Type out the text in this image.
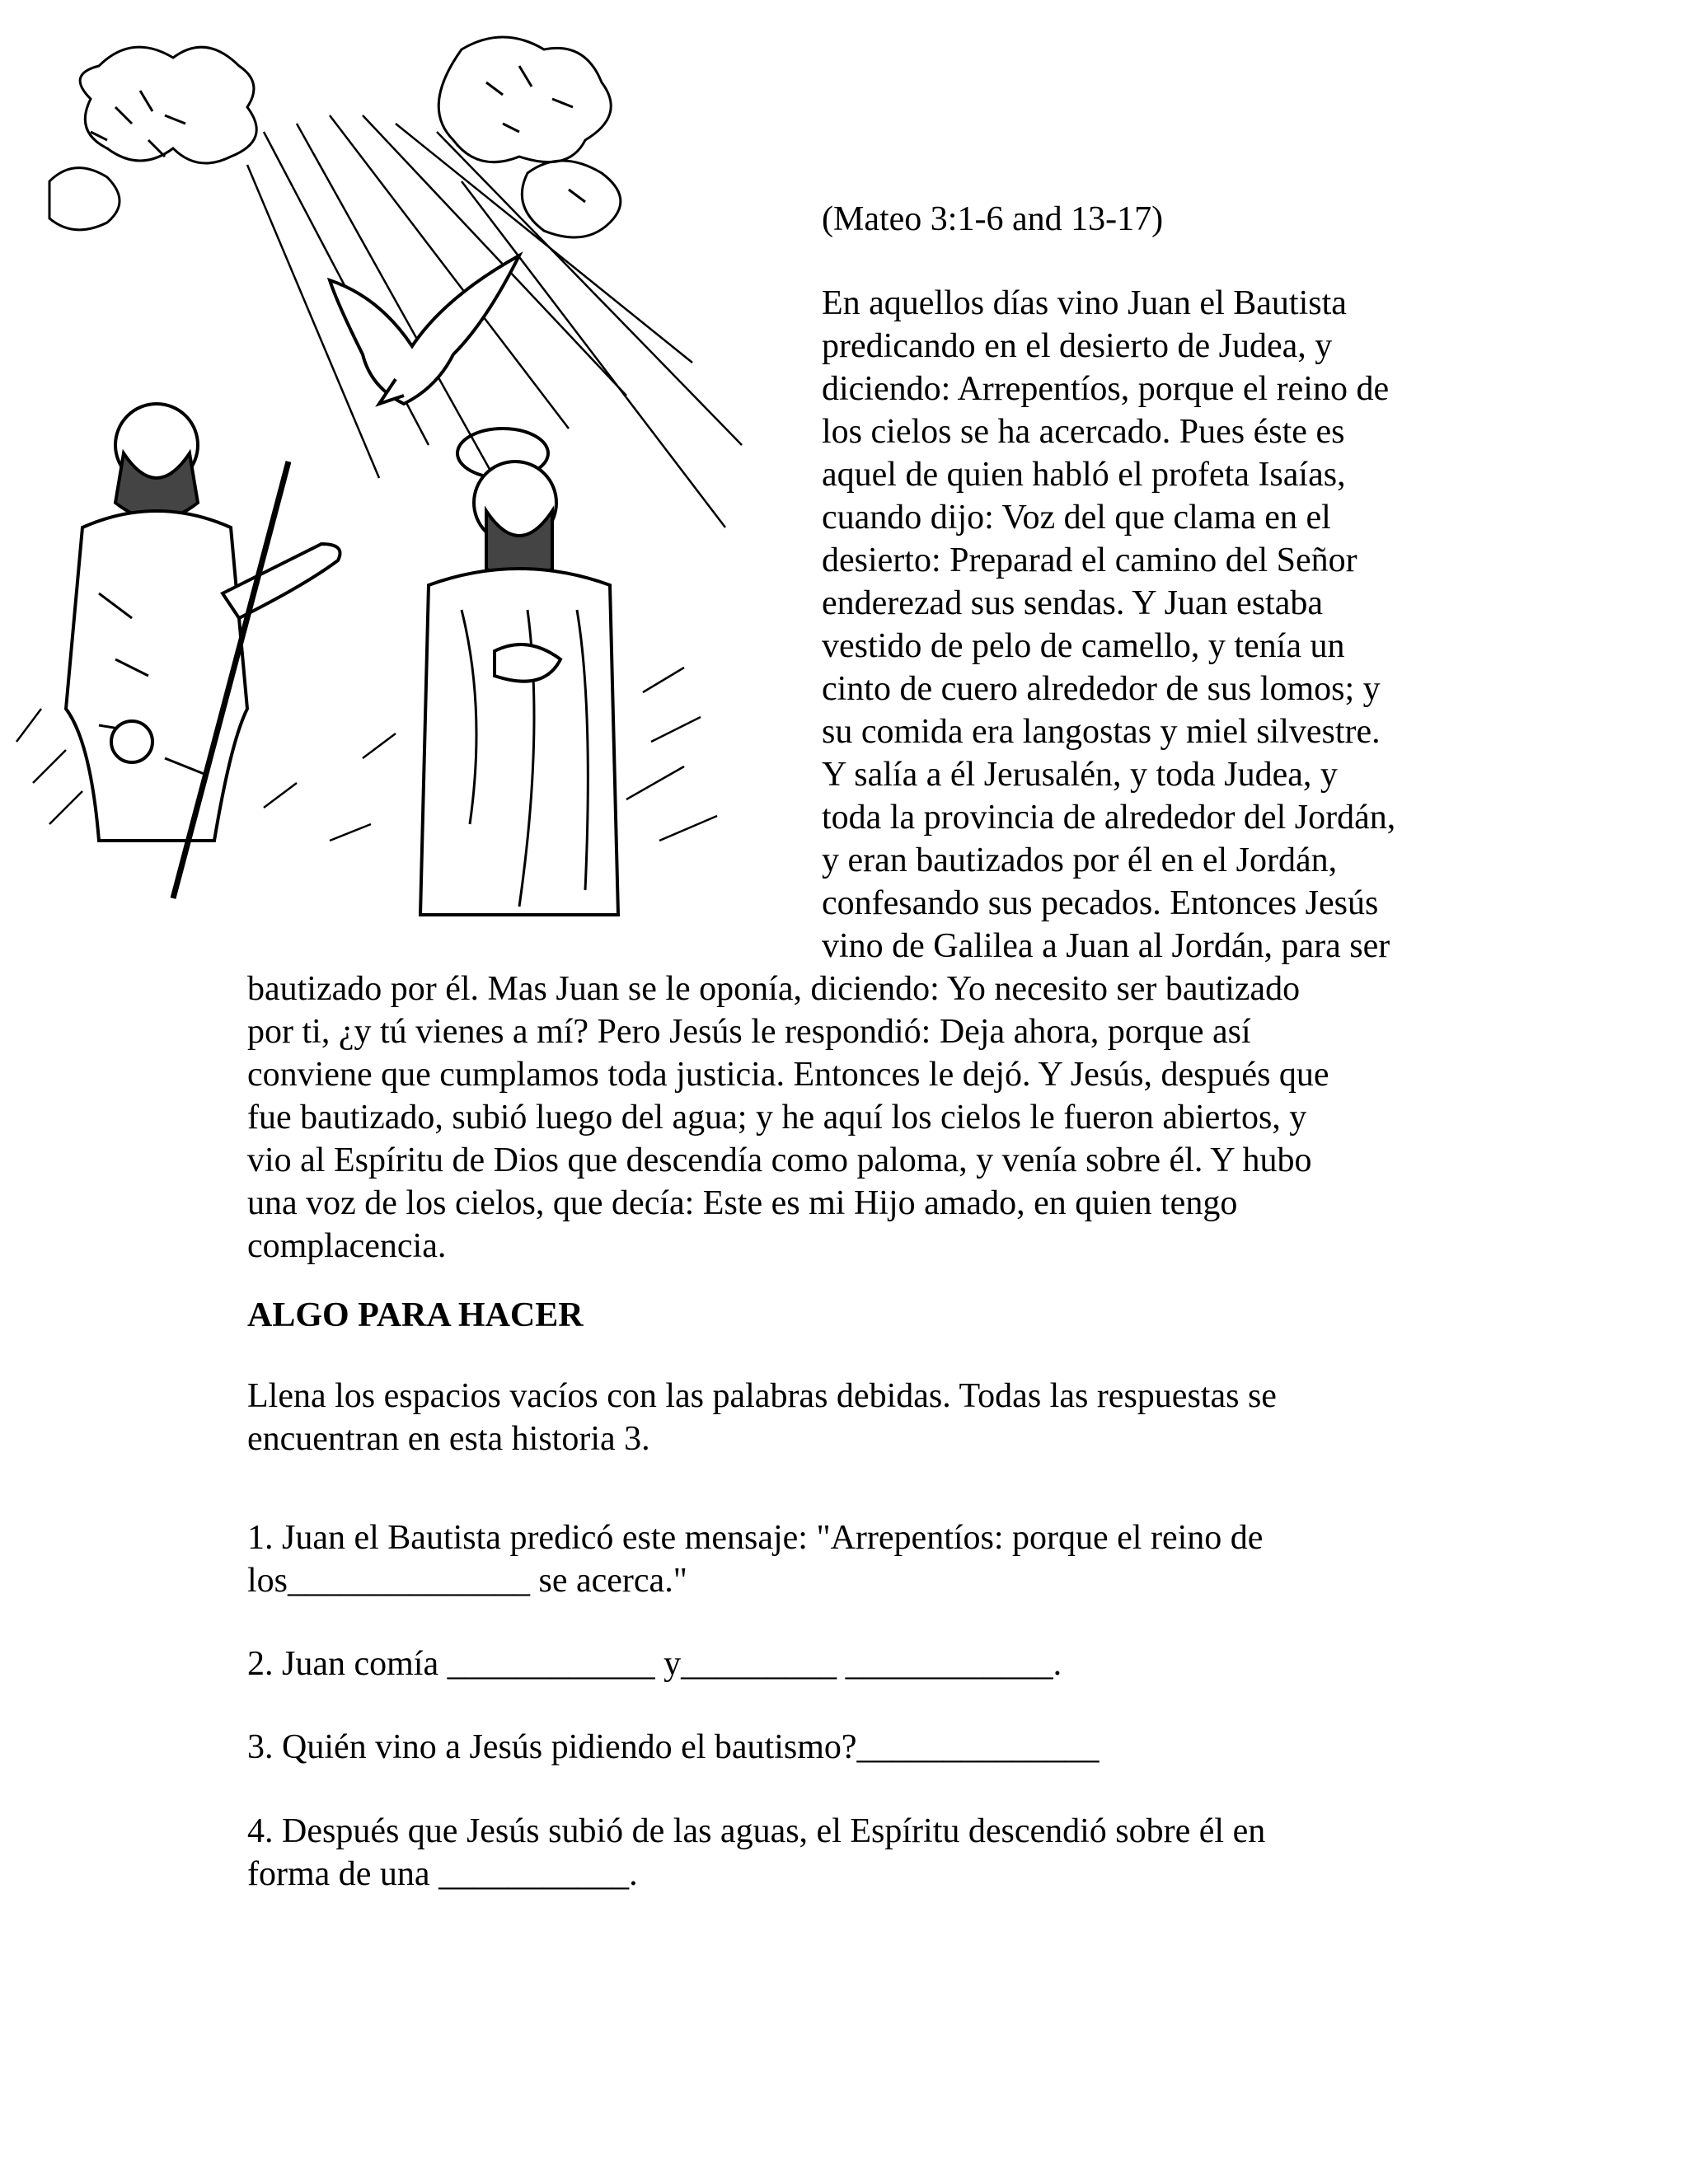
(Mateo 3:1-6 and 13-17)
En aquellos días vino Juan el Bautista
predicando en el desierto de Judea, y
diciendo: Arrepentíos, porque el reino de
los cielos se ha acercado. Pues éste es
aquel de quien habló el profeta Isaías,
cuando dijo: Voz del que clama en el
desierto: Preparad el camino del Señor
enderezad sus sendas. Y Juan estaba
vestido de pelo de camello, y tenía un
cinto de cuero alrededor de sus lomos; y
su comida era langostas y miel silvestre.
Y salía a él Jerusalén, y toda Judea, y
toda la provincia de alrededor del Jordán,
y eran bautizados por él en el Jordán,
confesando sus pecados. Entonces Jesús
vino de Galilea a Juan al Jordán, para ser
bautizado por él. Mas Juan se le oponía, diciendo: Yo necesito ser bautizado
por ti, ¿y tú vienes a mí? Pero Jesús le respondió: Deja ahora, porque así
conviene que cumplamos toda justicia. Entonces le dejó. Y Jesús, después que
fue bautizado, subió luego del agua; y he aquí los cielos le fueron abiertos, y
vio al Espíritu de Dios que descendía como paloma, y venía sobre él. Y hubo
una voz de los cielos, que decía: Este es mi Hijo amado, en quien tengo
complacencia.
ALGO PARA HACER
Llena los espacios vacíos con las palabras debidas. Todas las respuestas se
encuentran en esta historia 3.
1. Juan el Bautista predicó este mensaje: "Arrepentíos: porque el reino de
los______________ se acerca."
2. Juan comía ____________ y_________ ____________.
3. Quién vino a Jesús pidiendo el bautismo?______________
4. Después que Jesús subió de las aguas, el Espíritu descendió sobre él en
forma de una ___________.
